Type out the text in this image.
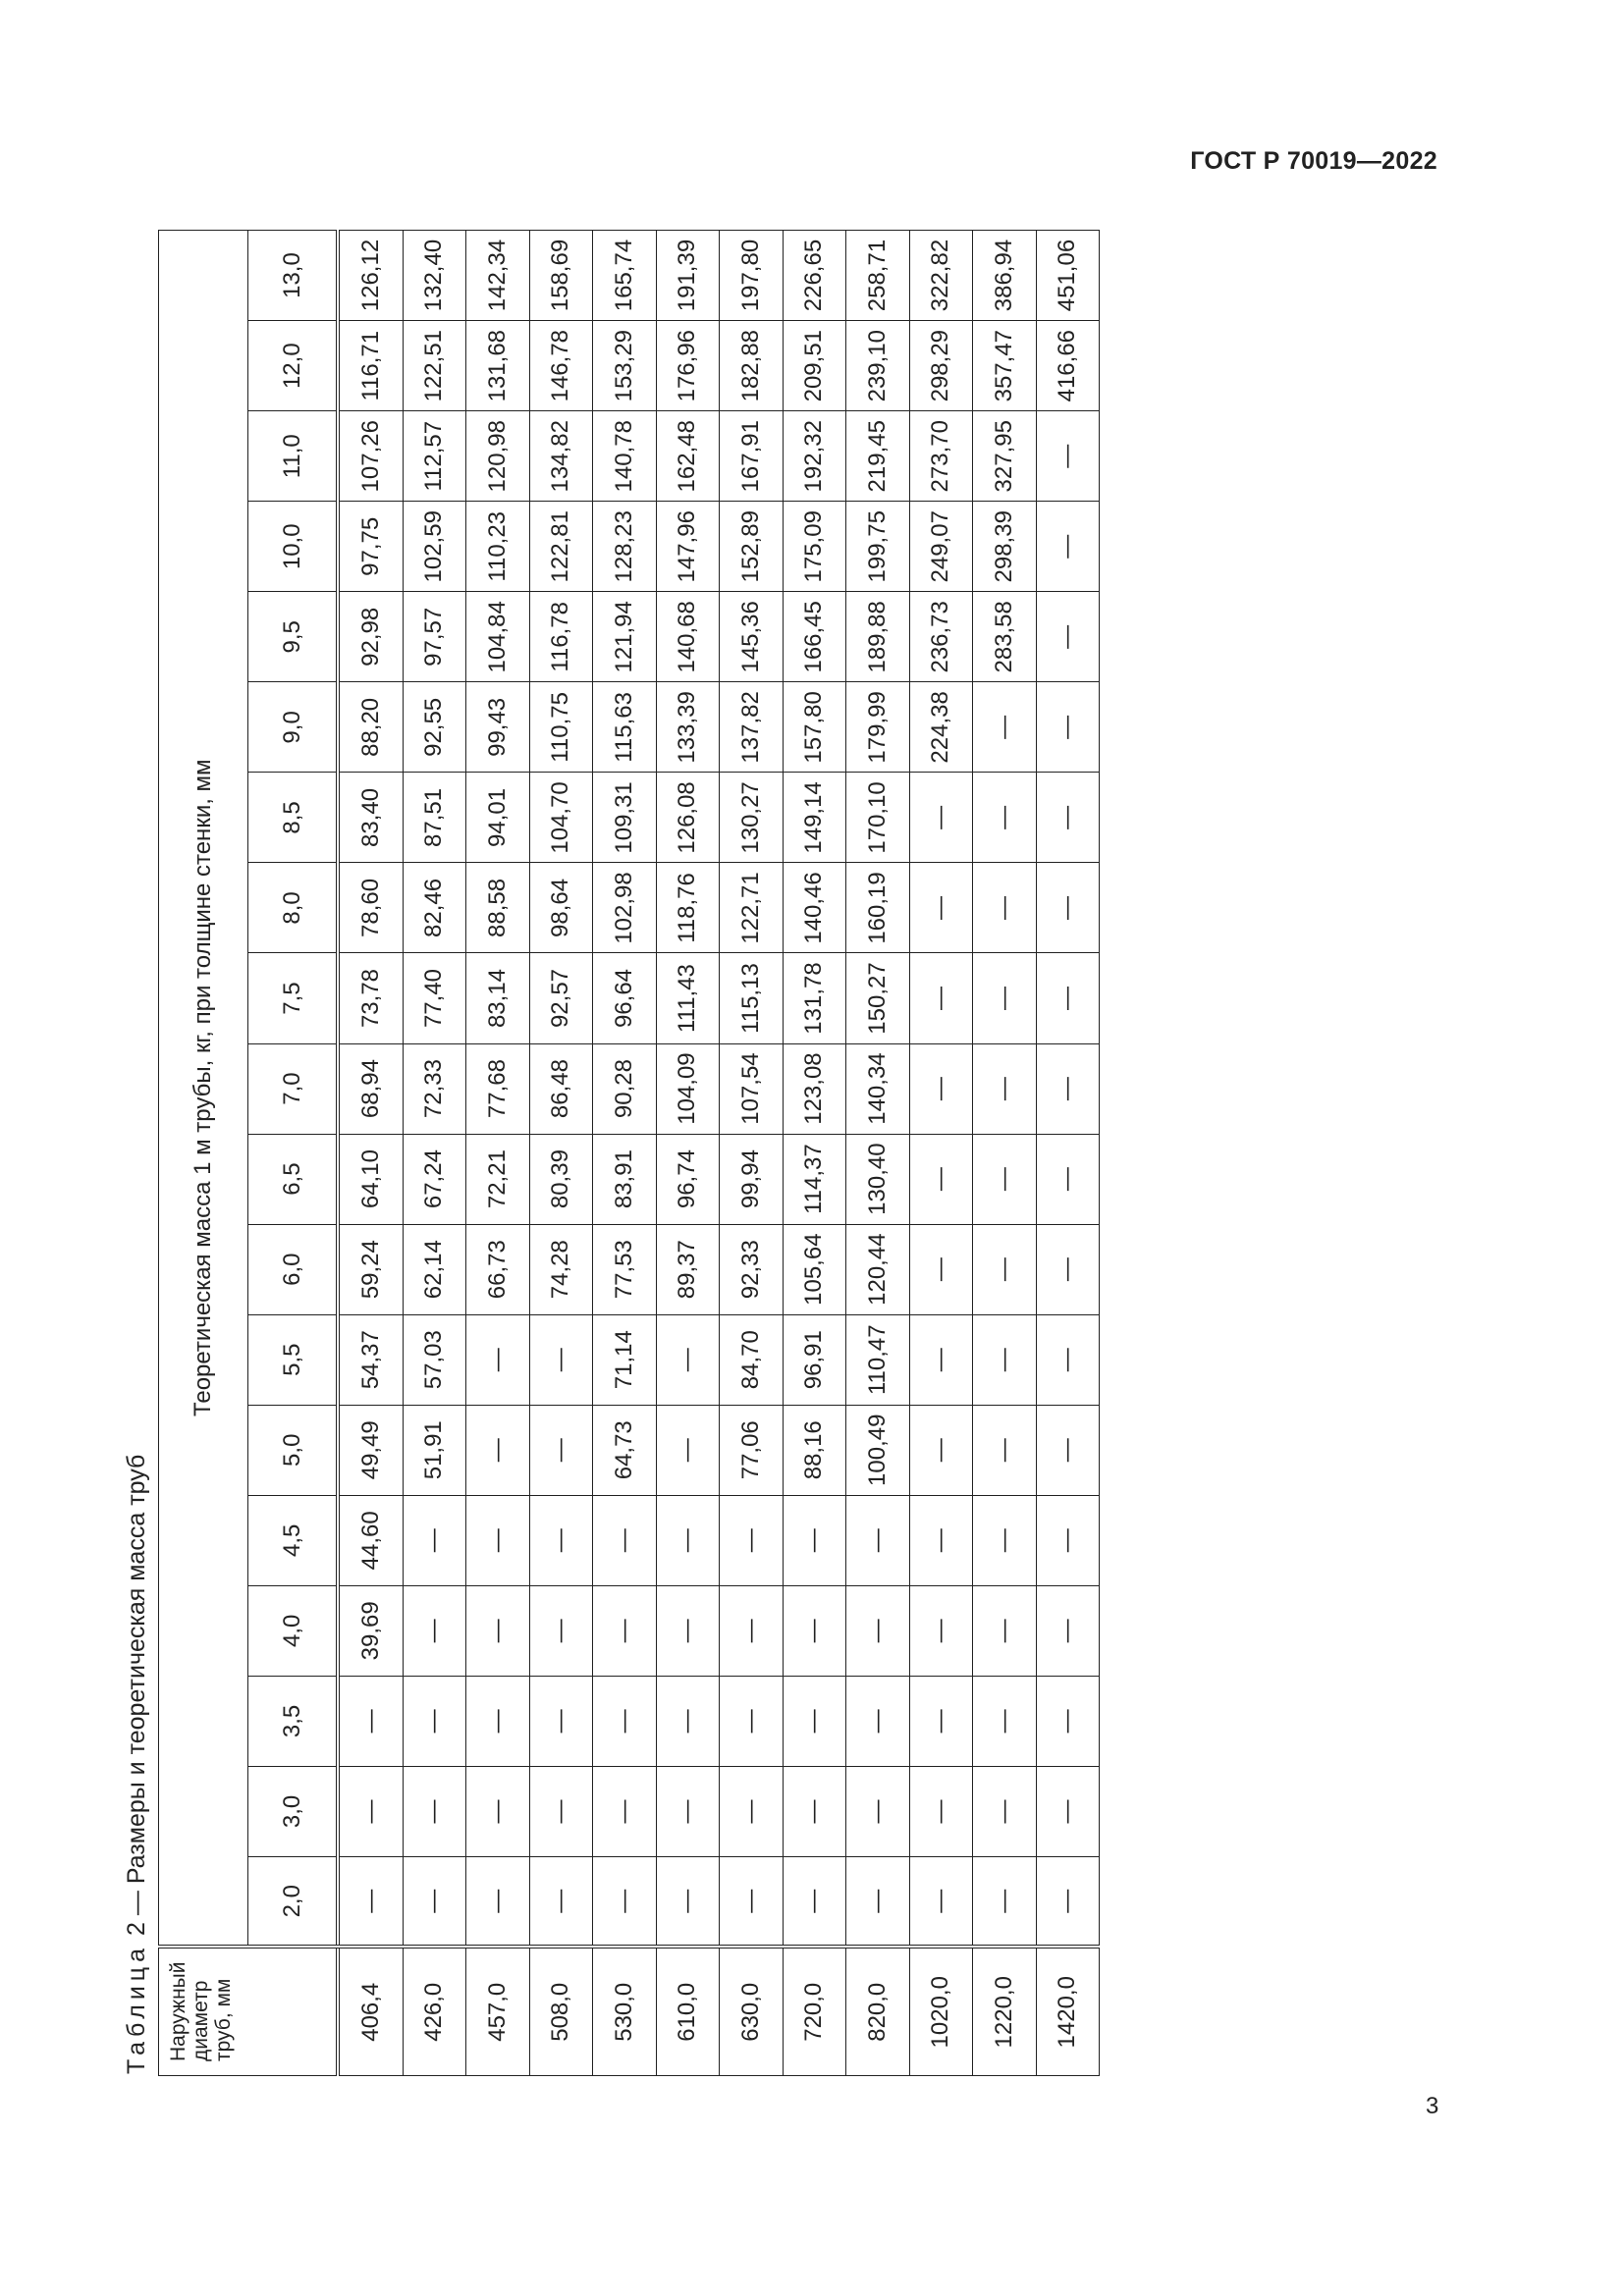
ГОСТ Р 70019—2022
Таблица2 — Размеры и теоретическая масса труб
Наружный диаметр труб, мм	Теоретическая масса 1 м трубы, кг, при толщине стенки, мм																		
	2,0	3,0	3,5	4,0	4,5	5,0	5,5	6,0	6,5	7,0	7,5	8,0	8,5	9,0	9,5	10,0	11,0	12,0	13,0
406,4	—	—	—	39,69	44,60	49,49	54,37	59,24	64,10	68,94	73,78	78,60	83,40	88,20	92,98	97,75	107,26	116,71	126,12
426,0	—	—	—	—	—	51,91	57,03	62,14	67,24	72,33	77,40	82,46	87,51	92,55	97,57	102,59	112,57	122,51	132,40
457,0	—	—	—	—	—	—	—	66,73	72,21	77,68	83,14	88,58	94,01	99,43	104,84	110,23	120,98	131,68	142,34
508,0	—	—	—	—	—	—	—	74,28	80,39	86,48	92,57	98,64	104,70	110,75	116,78	122,81	134,82	146,78	158,69
530,0	—	—	—	—	—	64,73	71,14	77,53	83,91	90,28	96,64	102,98	109,31	115,63	121,94	128,23	140,78	153,29	165,74
610,0	—	—	—	—	—	—	—	89,37	96,74	104,09	111,43	118,76	126,08	133,39	140,68	147,96	162,48	176,96	191,39
630,0	—	—	—	—	—	77,06	84,70	92,33	99,94	107,54	115,13	122,71	130,27	137,82	145,36	152,89	167,91	182,88	197,80
720,0	—	—	—	—	—	88,16	96,91	105,64	114,37	123,08	131,78	140,46	149,14	157,80	166,45	175,09	192,32	209,51	226,65
820,0	—	—	—	—	—	100,49	110,47	120,44	130,40	140,34	150,27	160,19	170,10	179,99	189,88	199,75	219,45	239,10	258,71
1020,0	—	—	—	—	—	—	—	—	—	—	—	—	—	224,38	236,73	249,07	273,70	298,29	322,82
1220,0	—	—	—	—	—	—	—	—	—	—	—	—	—	—	283,58	298,39	327,95	357,47	386,94
1420,0	—	—	—	—	—	—	—	—	—	—	—	—	—	—	—	—	—	416,66	451,06
3
